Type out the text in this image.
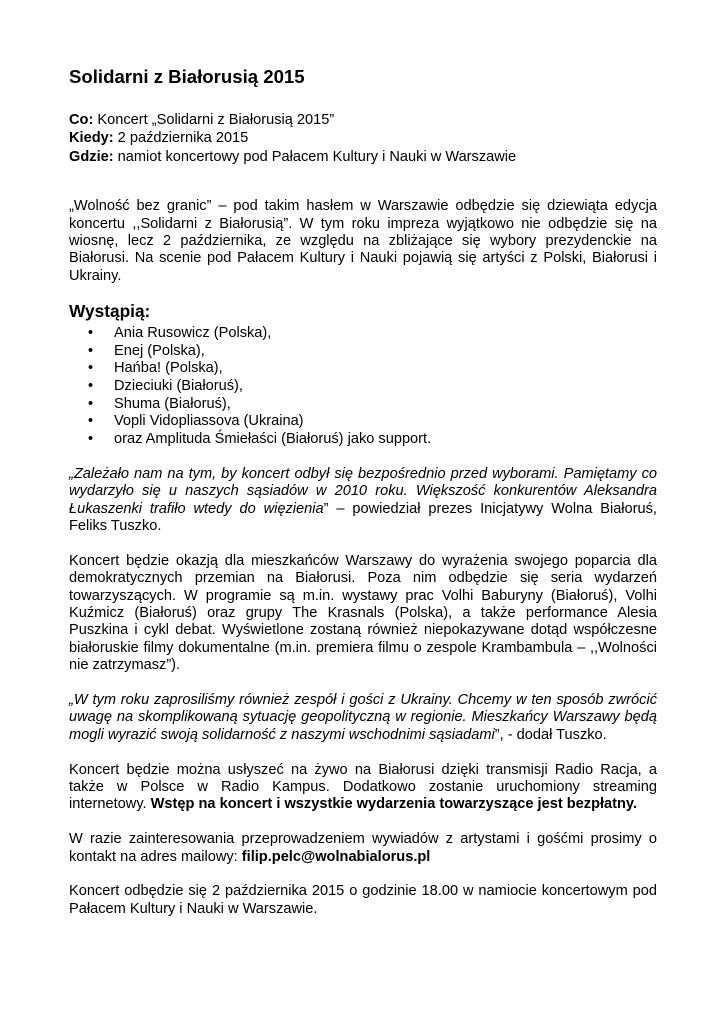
Solidarni z Białorusią 2015

Co: Koncert „Solidarni z Białorusią 2015”

Kiedy: 2 października 2015

Gdzie: namiot koncertowy pod Pałacem Kultury i Nauki w Warszawie

„Wolność bez granic” – pod takim hasłem w Warszawie odbędzie się dziewiąta edycja koncertu ,,Solidarni z Białorusią”. W tym roku impreza wyjątkowo nie odbędzie się na wiosnę, lecz 2 października, ze względu na zbliżające się wybory prezydenckie na Białorusi. Na scenie pod Pałacem Kultury i Nauki pojawią się artyści z Polski, Białorusi i Ukrainy.

Wystąpią:
• Ania Rusowicz (Polska),
• Enej (Polska),
• Hańba! (Polska),
• Dzieciuki (Białoruś),
• Shuma (Białoruś),
• Vopli Vidopliassova (Ukraina)
• oraz Amplituda Śmiełaści (Białoruś) jako support.

„Zależało nam na tym, by koncert odbył się bezpośrednio przed wyborami. Pamiętamy co wydarzyło się u naszych sąsiadów w 2010 roku. Większość konkurentów Aleksandra Łukaszenki trafiło wtedy do więzienia” – powiedział prezes Inicjatywy Wolna Białoruś, Feliks Tuszko.

Koncert będzie okazją dla mieszkańców Warszawy do wyrażenia swojego poparcia dla demokratycznych przemian na Białorusi. Poza nim odbędzie się seria wydarzeń towarzyszących. W programie są m.in. wystawy prac Volhi Baburyny (Białoruś), Volhi Kuźmicz (Białoruś) oraz grupy The Krasnals (Polska), a także performance Alesia Puszkina i cykl debat. Wyświetlone zostaną również niepokazywane dotąd współczesne białoruskie filmy dokumentalne (m.in. premiera filmu o zespole Krambambula – ,,Wolności nie zatrzymasz”).

„W tym roku zaprosiliśmy również zespół i gości z Ukrainy. Chcemy w ten sposób zwrócić uwagę na skomplikowaną sytuację geopolityczną w regionie. Mieszkańcy Warszawy będą mogli wyrazić swoją solidarność z naszymi wschodnimi sąsiadami”, - dodał Tuszko.

Koncert będzie można usłyszeć na żywo na Białorusi dzięki transmisji Radio Racja, a także w Polsce w Radio Kampus. Dodatkowo zostanie uruchomiony streaming internetowy. Wstęp na koncert i wszystkie wydarzenia towarzyszące jest bezpłatny.

W razie zainteresowania przeprowadzeniem wywiadów z artystami i gośćmi prosimy o kontakt na adres mailowy: filip.pelc@wolnabialorus.pl

Koncert odbędzie się 2 października 2015 o godzinie 18.00 w namiocie koncertowym pod Pałacem Kultury i Nauki w Warszawie.
